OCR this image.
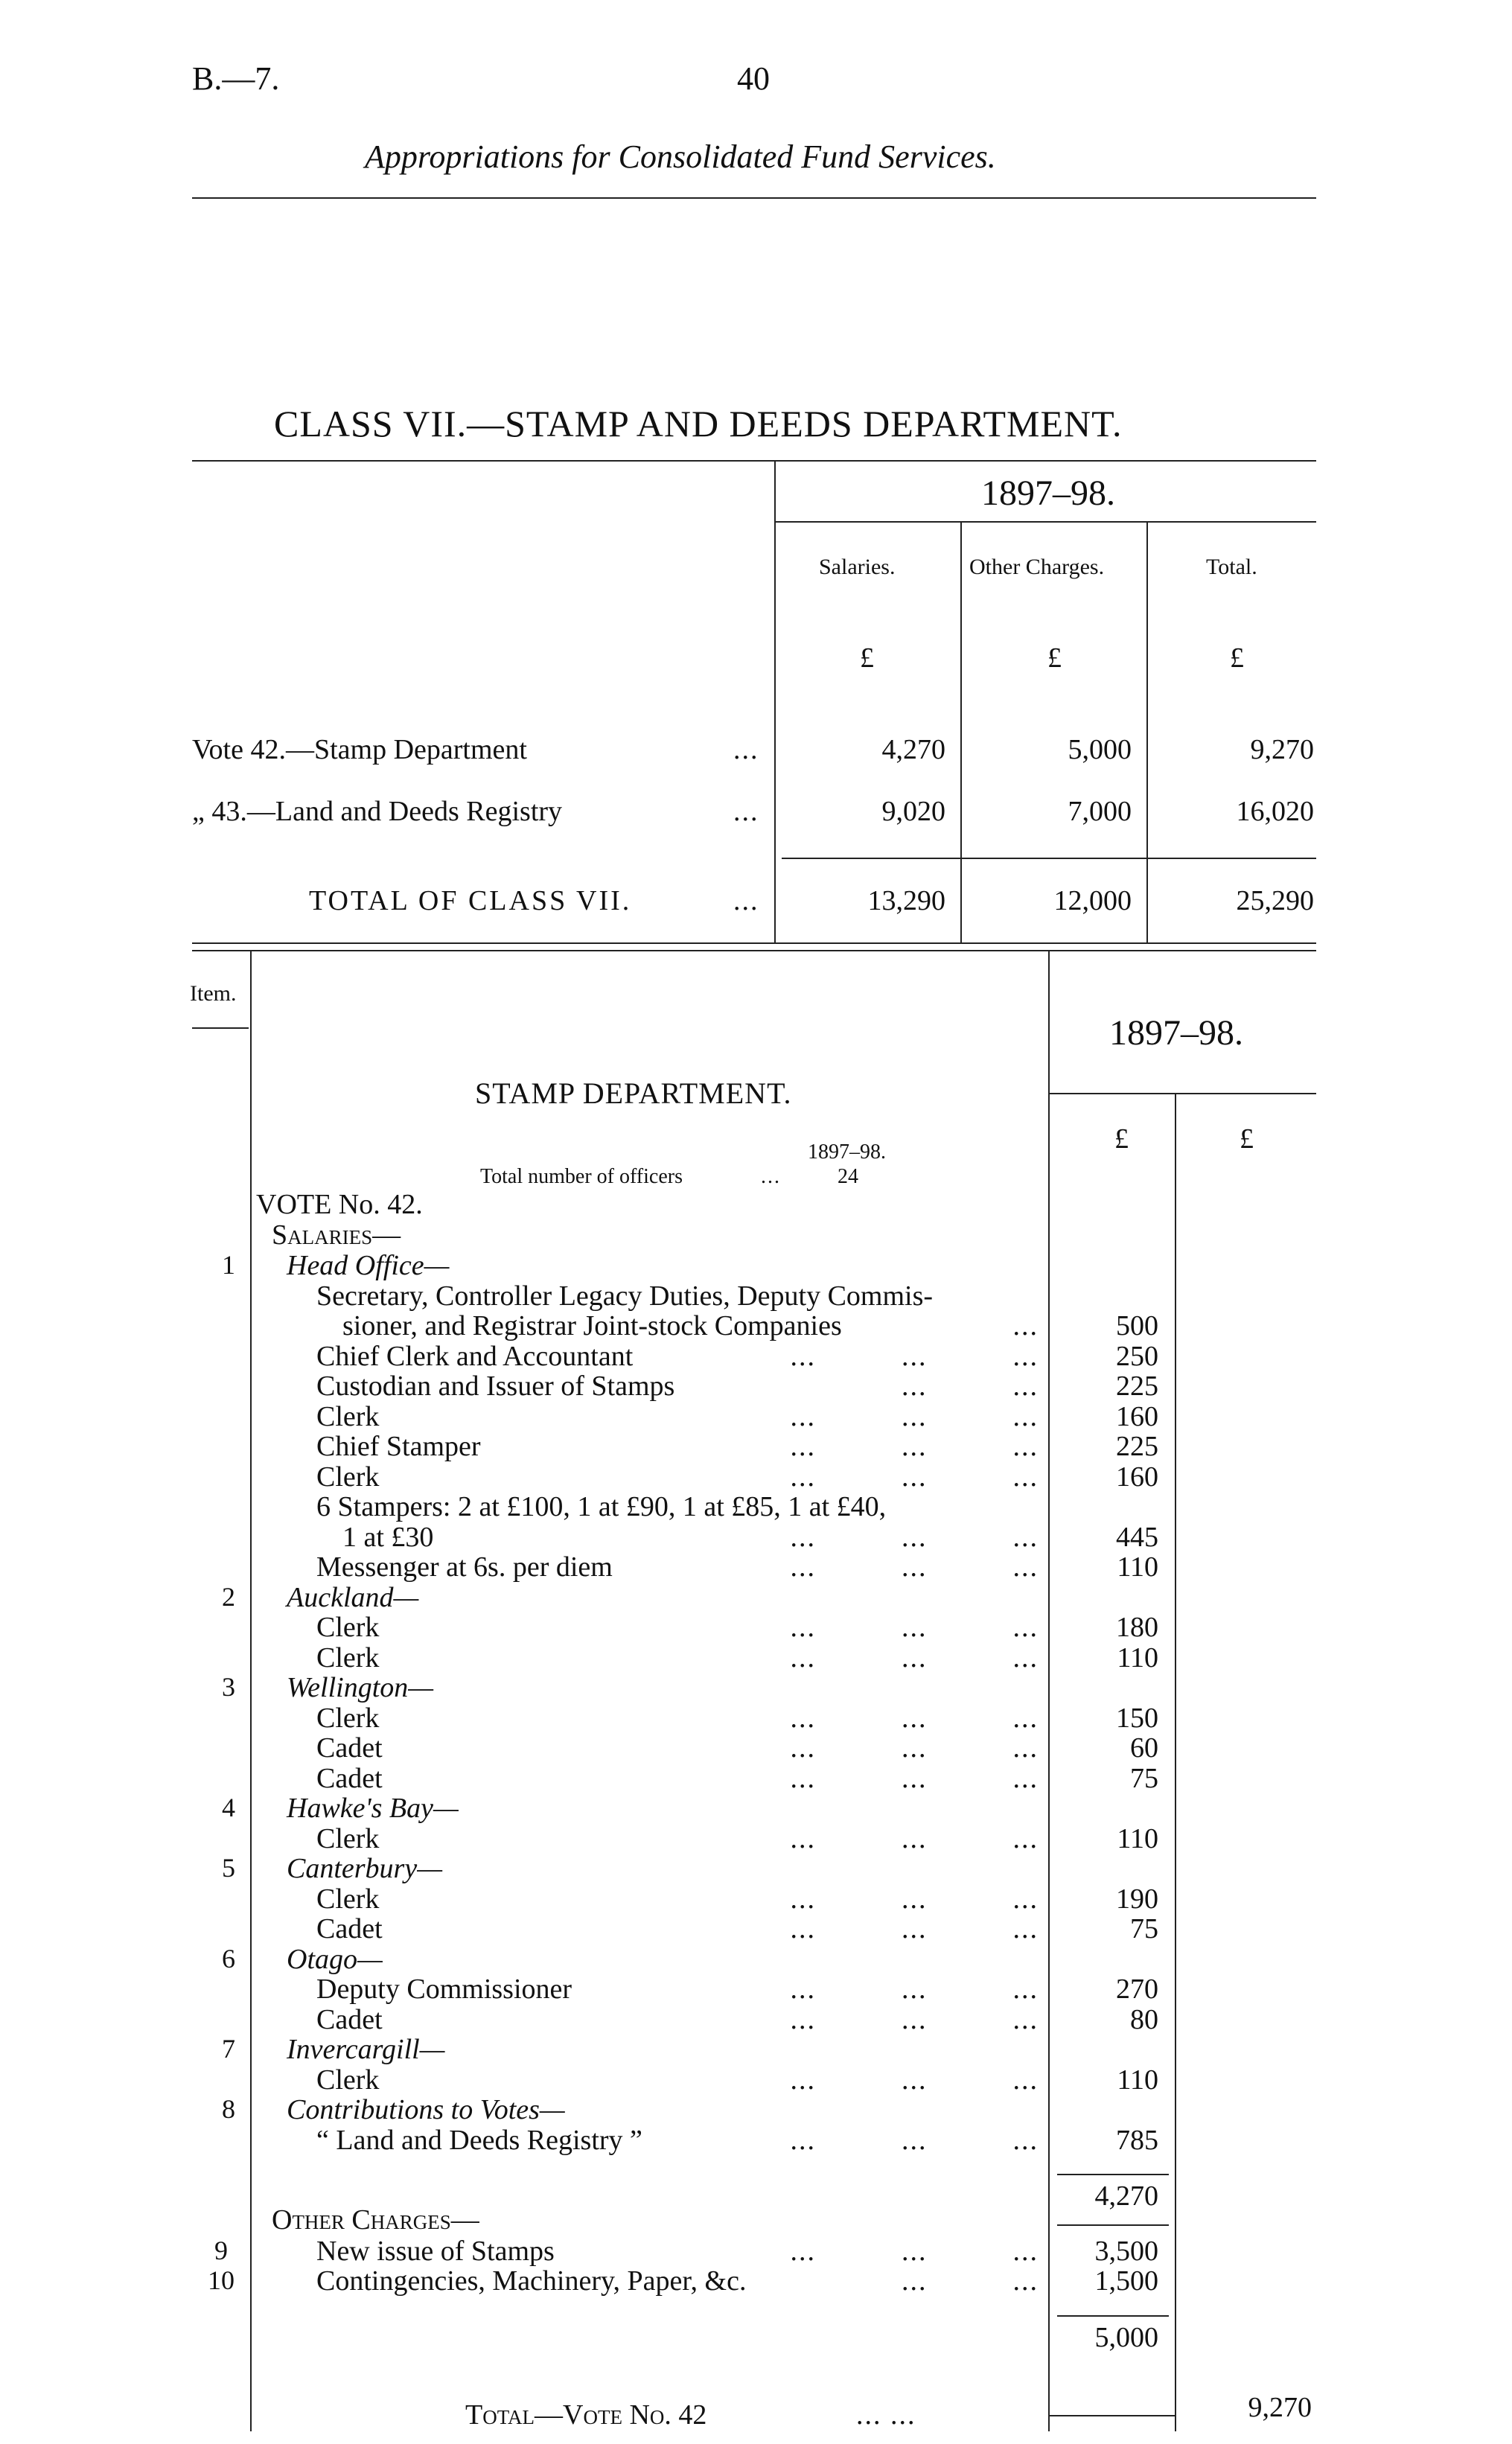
B.—7.	40
Appropriations for Consolidated Fund Services.
CLASS VII.—STAMP AND DEEDS DEPARTMENT.
1897–98.
Salaries.	Other Charges.	Total.
£	£	£
Vote 42.—Stamp Department	...	4,270	5,000	9,270
„ 43.—Land and Deeds Registry	...	9,020	7,000	16,020
TOTAL OF CLASS VII.	...	13,290	12,000	25,290
Item.
1897–98.
£	£
STAMP DEPARTMENT.
1897–98.
Total number of officers	...	24
VOTE No. 42.
Salaries—
1	Head Office—
Secretary, Controller Legacy Duties, Deputy Commis-
sioner, and Registrar Joint-stock Companies	...	500
Chief Clerk and Accountant	...          ...          ...	250
Custodian and Issuer of Stamps	...          ...	225
Clerk	...          ...          ...	160
Chief Stamper	...          ...          ...	225
Clerk	...          ...          ...	160
6 Stampers: 2 at £100, 1 at £90, 1 at £85, 1 at £40,
1 at £30	...          ...          ...	445
Messenger at 6s. per diem	...          ...          ...	110
2	Auckland—
Clerk	...          ...          ...	180
Clerk	...          ...          ...	110
3	Wellington—
Clerk	...          ...          ...	150
Cadet	...          ...          ...	60
Cadet	...          ...          ...	75
4	Hawke's Bay—
Clerk	...          ...          ...	110
5	Canterbury—
Clerk	...          ...          ...	190
Cadet	...          ...          ...	75
6	Otago—
Deputy Commissioner	...          ...          ...	270
Cadet	...          ...          ...	80
7	Invercargill—
Clerk	...          ...          ...	110
8	Contributions to Votes—
“ Land and Deeds Registry ”	...          ...          ...	785
4,270
Other Charges—
9	New issue of Stamps	...          ...          ...	3,500
10	Contingencies, Machinery, Paper, &c.	...          ...	1,500
5,000
Total—Vote No. 42	... ...	9,270
